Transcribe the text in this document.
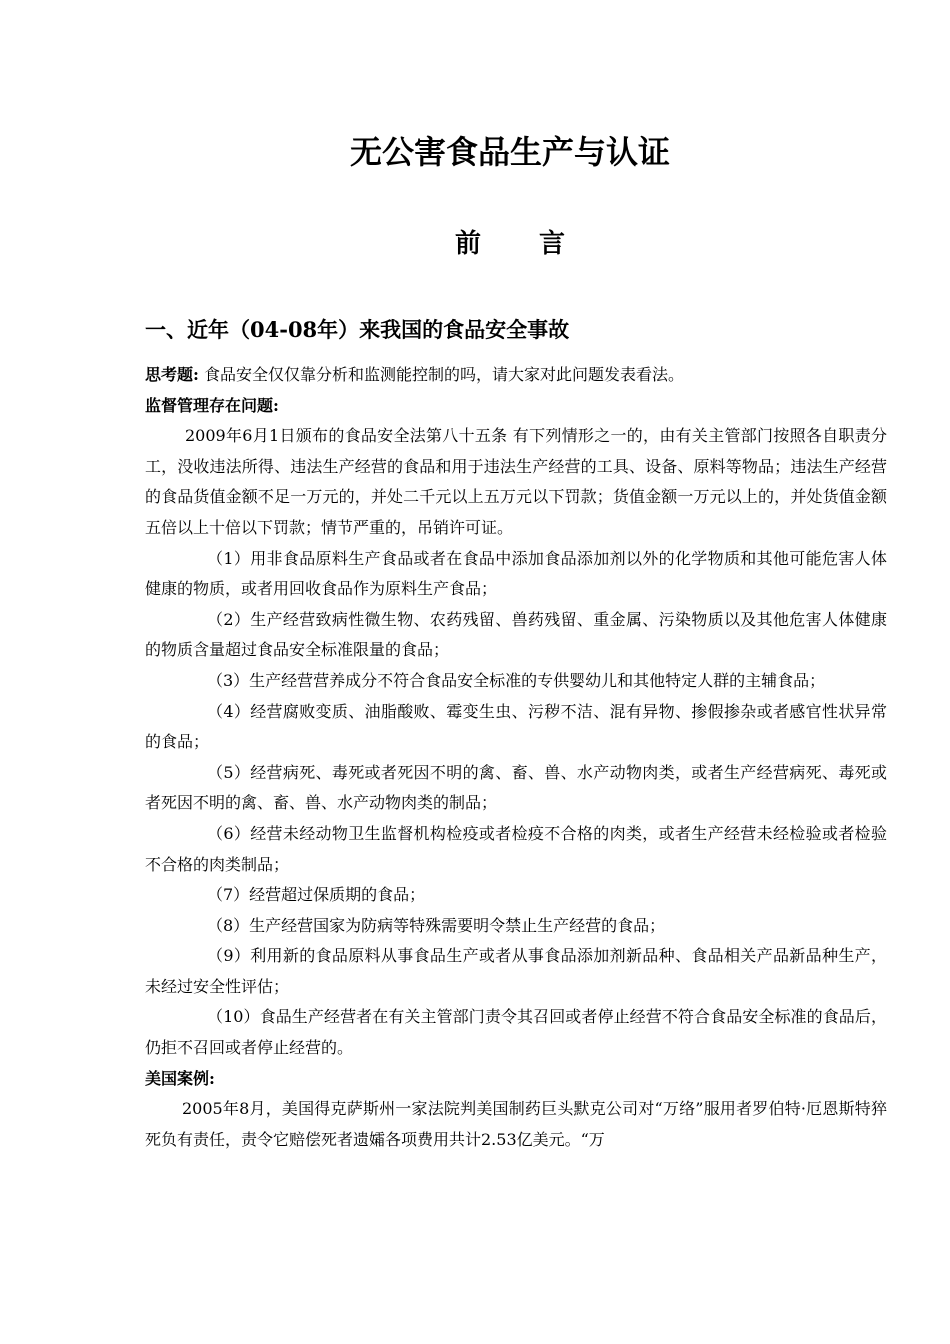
无公害食品生产与认证
前 言
一、近年（04-08年）来我国的食品安全事故

思考题: 食品安全仅仅靠分析和监测能控制的吗，请大家对此问题发表看法。

监督管理存在问题:

2009年6月1日颁布的食品安全法第八十五条 有下列情形之一的，由有关主管部门按照各自职责分工，没收违法所得、违法生产经营的食品和用于违法生产经营的工具、设备、原料等物品；违法生产经营的食品货值金额不足一万元的，并处二千元以上五万元以下罚款；货值金额一万元以上的，并处货值金额五倍以上十倍以下罚款；情节严重的，吊销许可证。

（1）用非食品原料生产食品或者在食品中添加食品添加剂以外的化学物质和其他可能危害人体健康的物质，或者用回收食品作为原料生产食品；

（2）生产经营致病性微生物、农药残留、兽药残留、重金属、污染物质以及其他危害人体健康的物质含量超过食品安全标准限量的食品；

（3）生产经营营养成分不符合食品安全标准的专供婴幼儿和其他特定人群的主辅食品；

（4）经营腐败变质、油脂酸败、霉变生虫、污秽不洁、混有异物、掺假掺杂或者感官性状异常的食品；

（5）经营病死、毒死或者死因不明的禽、畜、兽、水产动物肉类，或者生产经营病死、毒死或者死因不明的禽、畜、兽、水产动物肉类的制品；

（6）经营未经动物卫生监督机构检疫或者检疫不合格的肉类，或者生产经营未经检验或者检验不合格的肉类制品；

（7）经营超过保质期的食品；

（8）生产经营国家为防病等特殊需要明令禁止生产经营的食品；

（9）利用新的食品原料从事食品生产或者从事食品添加剂新品种、食品相关产品新品种生产，未经过安全性评估；

（10）食品生产经营者在有关主管部门责令其召回或者停止经营不符合食品安全标准的食品后，仍拒不召回或者停止经营的。

美国案例:

2005年8月，美国得克萨斯州一家法院判美国制药巨头默克公司对“万络”服用者罗伯特·厄恩斯特猝死负有责任，责令它赔偿死者遗孀各项费用共计2.53亿美元。“万
